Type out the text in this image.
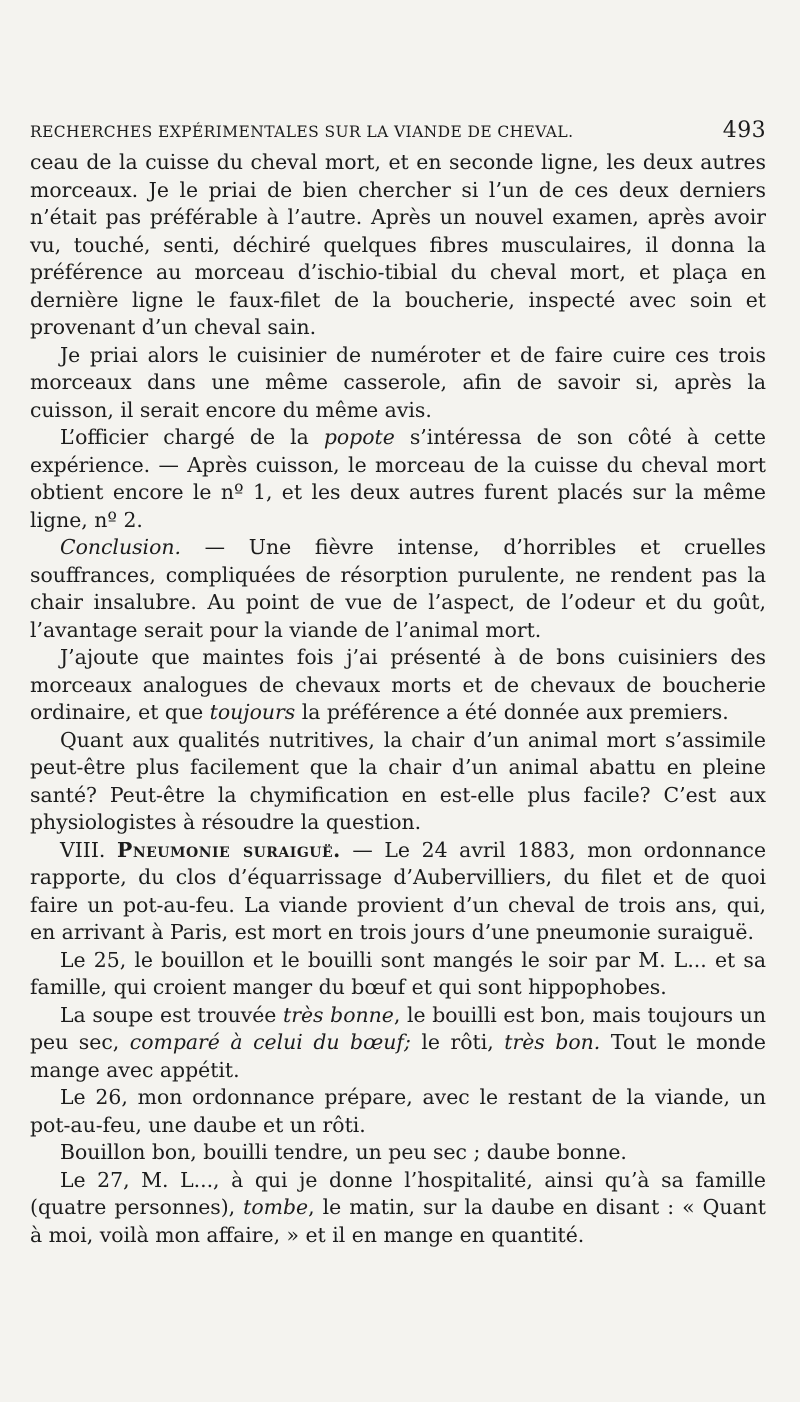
RECHERCHES EXPÉRIMENTALES SUR LA VIANDE DE CHEVAL.	493

ceau de la cuisse du cheval mort, et en seconde ligne, les deux autres morceaux. Je le priai de bien chercher si l’un de ces deux derniers n’était pas préférable à l’autre. Après un nouvel examen, après avoir vu, touché, senti, déchiré quelques fibres musculaires, il donna la préférence au morceau d’ischio-tibial du cheval mort, et plaça en dernière ligne le faux-filet de la boucherie, inspecté avec soin et provenant d’un cheval sain.

Je priai alors le cuisinier de numéroter et de faire cuire ces trois morceaux dans une même casserole, afin de savoir si, après la cuisson, il serait encore du même avis.

L’officier chargé de la popote s’intéressa de son côté à cette expérience. — Après cuisson, le morceau de la cuisse du cheval mort obtient encore le nº 1, et les deux autres furent placés sur la même ligne, nº 2.

Conclusion. — Une fièvre intense, d’horribles et cruelles souffrances, compliquées de résorption purulente, ne rendent pas la chair insalubre. Au point de vue de l’aspect, de l’odeur et du goût, l’avantage serait pour la viande de l’animal mort.

J’ajoute que maintes fois j’ai présenté à de bons cuisiniers des morceaux analogues de chevaux morts et de chevaux de boucherie ordinaire, et que toujours la préférence a été donnée aux premiers.

Quant aux qualités nutritives, la chair d’un animal mort s’assimile peut-être plus facilement que la chair d’un animal abattu en pleine santé? Peut-être la chymification en est-elle plus facile? C’est aux physiologistes à résoudre la question.

VIII. Pneumonie suraiguë. — Le 24 avril 1883, mon ordonnance rapporte, du clos d’équarrissage d’Aubervilliers, du filet et de quoi faire un pot-au-feu. La viande provient d’un cheval de trois ans, qui, en arrivant à Paris, est mort en trois jours d’une pneumonie suraiguë.

Le 25, le bouillon et le bouilli sont mangés le soir par M. L... et sa famille, qui croient manger du bœuf et qui sont hippophobes.

La soupe est trouvée très bonne, le bouilli est bon, mais toujours un peu sec, comparé à celui du bœuf; le rôti, très bon. Tout le monde mange avec appétit.

Le 26, mon ordonnance prépare, avec le restant de la viande, un pot-au-feu, une daube et un rôti.

Bouillon bon, bouilli tendre, un peu sec ; daube bonne.

Le 27, M. L..., à qui je donne l’hospitalité, ainsi qu’à sa famille (quatre personnes), tombe, le matin, sur la daube en disant : « Quant à moi, voilà mon affaire, » et il en mange en quantité.
